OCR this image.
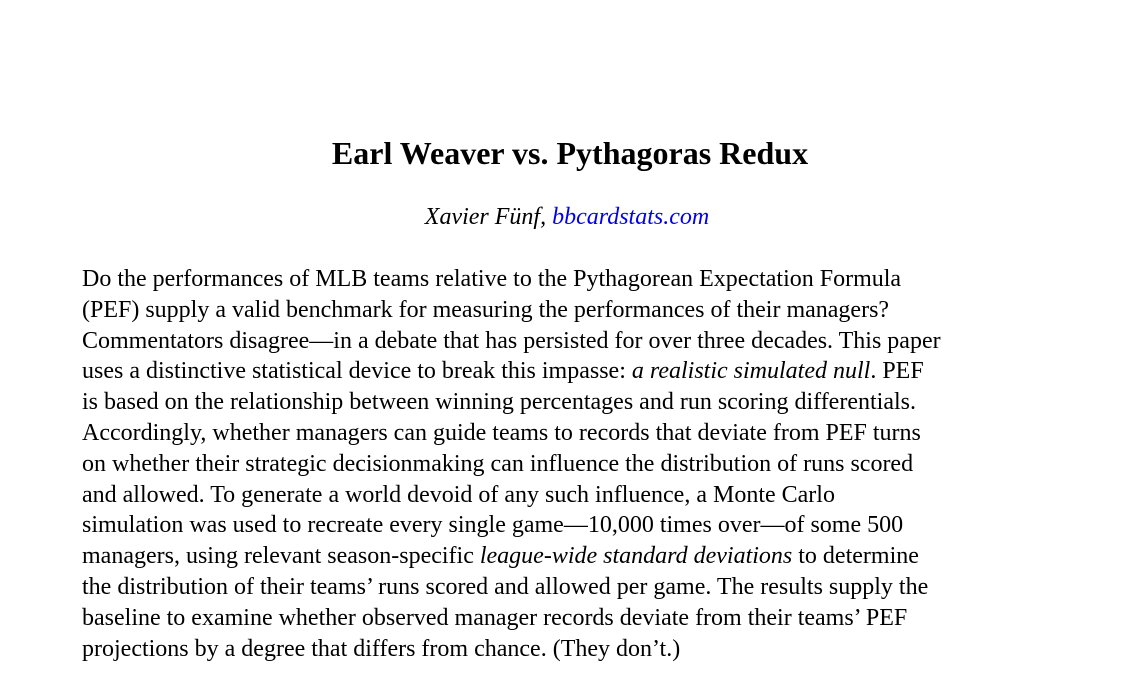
Earl Weaver vs. Pythagoras Redux
Xavier Fünf, bbcardstats.com
Do the performances of MLB teams relative to the Pythagorean Expectation Formula
(PEF) supply a valid benchmark for measuring the performances of their managers?
Commentators disagree—in a debate that has persisted for over three decades. This paper
uses a distinctive statistical device to break this impasse: a realistic simulated null. PEF
is based on the relationship between winning percentages and run scoring differentials.
Accordingly, whether managers can guide teams to records that deviate from PEF turns
on whether their strategic decisionmaking can influence the distribution of runs scored
and allowed. To generate a world devoid of any such influence, a Monte Carlo
simulation was used to recreate every single game—10,000 times over—of some 500
managers, using relevant season-specific league-wide standard deviations to determine
the distribution of their teams’ runs scored and allowed per game. The results supply the
baseline to examine whether observed manager records deviate from their teams’ PEF
projections by a degree that differs from chance. (They don’t.)
